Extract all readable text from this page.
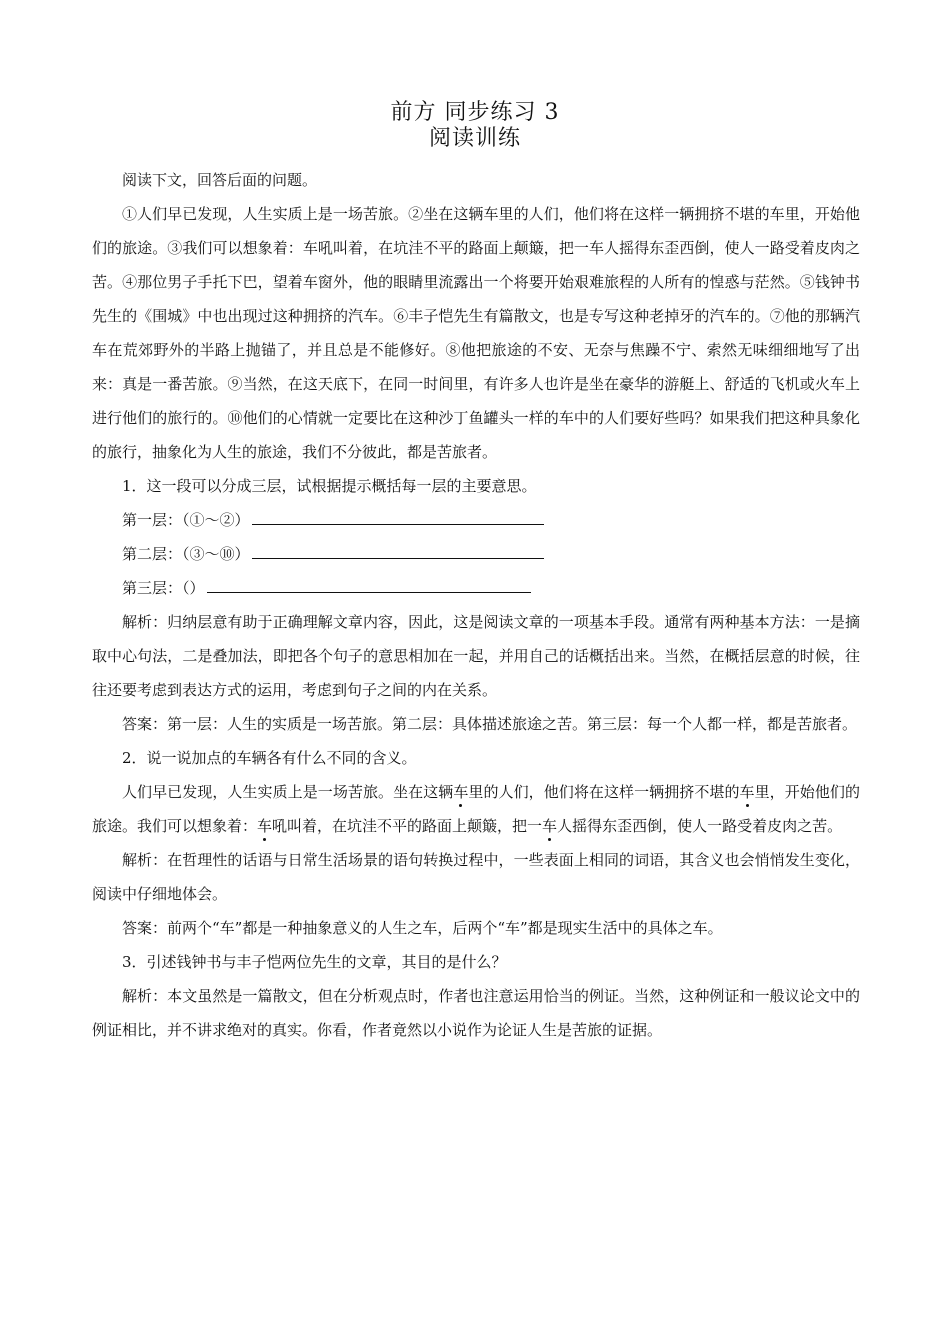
前方 同步练习 3
阅读训练

阅读下文，回答后面的问题。

①人们早已发现，人生实质上是一场苦旅。②坐在这辆车里的人们，他们将在这样一辆拥挤不堪的车里，开始他们的旅途。③我们可以想象着：车吼叫着，在坑洼不平的路面上颠簸，把一车人摇得东歪西倒，使人一路受着皮肉之苦。④那位男子手托下巴，望着车窗外，他的眼睛里流露出一个将要开始艰难旅程的人所有的惶惑与茫然。⑤钱钟书先生的《围城》中也出现过这种拥挤的汽车。⑥丰子恺先生有篇散文，也是专写这种老掉牙的汽车的。⑦他的那辆汽车在荒郊野外的半路上抛锚了，并且总是不能修好。⑧他把旅途的不安、无奈与焦躁不宁、索然无味细细地写了出来：真是一番苦旅。⑨当然，在这天底下，在同一时间里，有许多人也许是坐在豪华的游艇上、舒适的飞机或火车上进行他们的旅行的。⑩他们的心情就一定要比在这种沙丁鱼罐头一样的车中的人们要好些吗？如果我们把这种具象化的旅行，抽象化为人生的旅途，我们不分彼此，都是苦旅者。

1．这一段可以分成三层，试根据提示概括每一层的主要意思。

第一层：（①～②）

第二层：（③～⑩）

第三层：（）

解析：归纳层意有助于正确理解文章内容，因此，这是阅读文章的一项基本手段。通常有两种基本方法：一是摘取中心句法，二是叠加法，即把各个句子的意思相加在一起，并用自己的话概括出来。当然，在概括层意的时候，往往还要考虑到表达方式的运用，考虑到句子之间的内在关系。

答案：第一层：人生的实质是一场苦旅。第二层：具体描述旅途之苦。第三层：每一个人都一样，都是苦旅者。

2．说一说加点的车辆各有什么不同的含义。

人们早已发现，人生实质上是一场苦旅。坐在这辆车里的人们，他们将在这样一辆拥挤不堪的车里，开始他们的旅途。我们可以想象着：车吼叫着，在坑洼不平的路面上颠簸，把一车人摇得东歪西倒，使人一路受着皮肉之苦。

解析：在哲理性的话语与日常生活场景的语句转换过程中，一些表面上相同的词语，其含义也会悄悄发生变化，阅读中仔细地体会。

答案：前两个“车”都是一种抽象意义的人生之车，后两个“车”都是现实生活中的具体之车。

3．引述钱钟书与丰子恺两位先生的文章，其目的是什么？

解析：本文虽然是一篇散文，但在分析观点时，作者也注意运用恰当的例证。当然，这种例证和一般议论文中的例证相比，并不讲求绝对的真实。你看，作者竟然以小说作为论证人生是苦旅的证据。
